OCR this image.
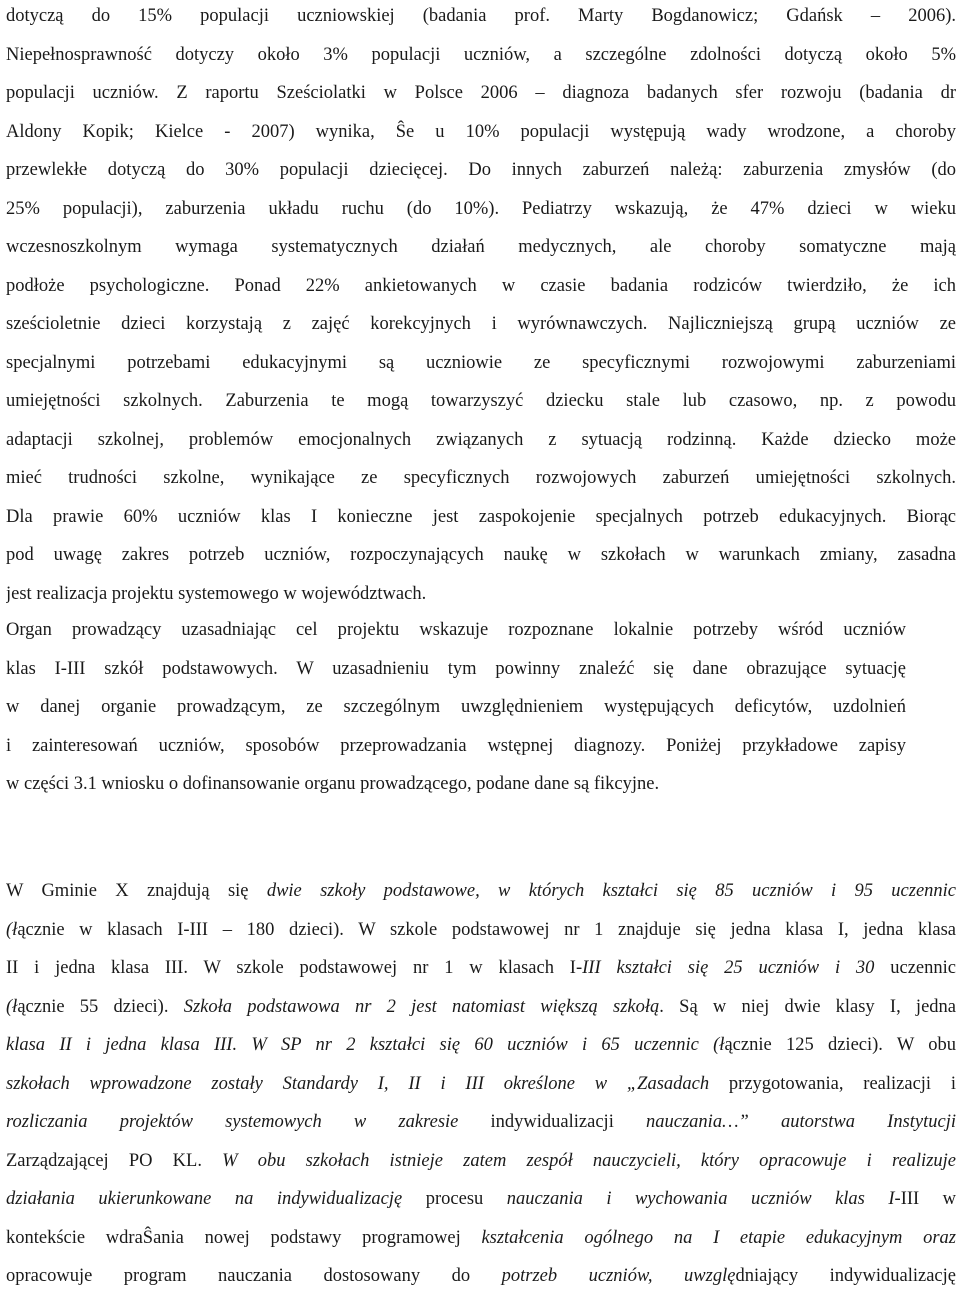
dotyczą do 15% populacji uczniowskiej (badania prof. Marty Bogdanowicz; Gdańsk – 2006).
Niepełnosprawność dotyczy około 3% populacji uczniów, a szczególne zdolności dotyczą około 5%
populacji uczniów. Z raportu Sześciolatki w Polsce 2006 – diagnoza badanych sfer rozwoju (badania dr
Aldony Kopik; Kielce - 2007) wynika, Ŝe u 10% populacji występują wady wrodzone, a choroby
przewlekłe dotyczą do 30% populacji dziecięcej. Do innych zaburzeń należą: zaburzenia zmysłów (do
25% populacji), zaburzenia układu ruchu (do 10%). Pediatrzy wskazują, że 47% dzieci w wieku
wczesnoszkolnym wymaga systematycznych działań medycznych, ale choroby somatyczne mają
podłoże psychologiczne. Ponad 22% ankietowanych w czasie badania rodziców twierdziło, że ich
sześcioletnie dzieci korzystają z zajęć korekcyjnych i wyrównawczych. Najliczniejszą grupą uczniów ze
specjalnymi potrzebami edukacyjnymi są uczniowie ze specyficznymi rozwojowymi zaburzeniami
umiejętności szkolnych. Zaburzenia te mogą towarzyszyć dziecku stale lub czasowo, np. z powodu
adaptacji szkolnej, problemów emocjonalnych związanych z sytuacją rodzinną. Każde dziecko może
mieć trudności szkolne, wynikające ze specyficznych rozwojowych zaburzeń umiejętności szkolnych.
Dla prawie 60% uczniów klas I konieczne jest zaspokojenie specjalnych potrzeb edukacyjnych. Biorąc
pod uwagę zakres potrzeb uczniów, rozpoczynających naukę w szkołach w warunkach zmiany, zasadna
jest realizacja projektu systemowego w województwach.
Organ prowadzący uzasadniając cel projektu wskazuje rozpoznane lokalnie potrzeby wśród uczniów
klas I-III szkół podstawowych. W uzasadnieniu tym powinny znaleźć się dane obrazujące sytuację
w danej organie prowadzącym, ze szczególnym uwzględnieniem występujących deficytów, uzdolnień
i zainteresowań uczniów, sposobów przeprowadzania wstępnej diagnozy. Poniżej przykładowe zapisy
w części 3.1 wniosku o dofinansowanie organu prowadzącego, podane dane są fikcyjne.
W Gminie X znajdują się dwie szkoły podstawowe, w których kształci się 85 uczniów i 95 uczennic
(łącznie w klasach I-III – 180 dzieci). W szkole podstawowej nr 1 znajduje się jedna klasa I, jedna klasa
II i jedna klasa III. W szkole podstawowej nr 1 w klasach I-III kształci się 25 uczniów i 30 uczennic
(łącznie 55 dzieci). Szkoła podstawowa nr 2 jest natomiast większą szkołą. Są w niej dwie klasy I, jedna
klasa II i jedna klasa III. W SP nr 2 kształci się 60 uczniów i 65 uczennic (łącznie 125 dzieci). W obu
szkołach wprowadzone zostały Standardy I, II i III określone w „Zasadach przygotowania, realizacji i
rozliczania projektów systemowych w zakresie indywidualizacji nauczania…” autorstwa Instytucji
Zarządzającej PO KL. W obu szkołach istnieje zatem zespół nauczycieli, który opracowuje i realizuje
działania ukierunkowane na indywidualizację procesu nauczania i wychowania uczniów klas I-III w
kontekście wdraŜania nowej podstawy programowej kształcenia ogólnego na I etapie edukacyjnym oraz
opracowuje program nauczania dostosowany do potrzeb uczniów, uwzględniający indywidualizację
